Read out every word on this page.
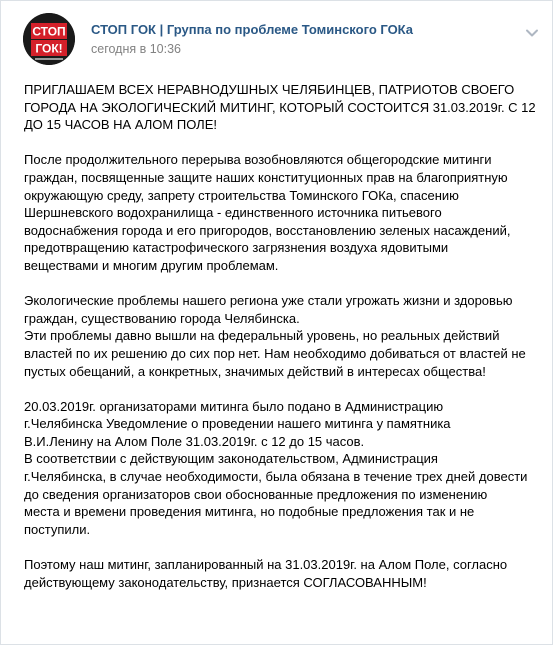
СТОП
ГОК!
СТОП ГОК | Группа по проблеме Томинского ГОКа
сегодня в 10:36
ПРИГЛАШАЕМ ВСЕХ НЕРАВНОДУШНЫХ ЧЕЛЯБИНЦЕВ, ПАТРИОТОВ СВОЕГО
ГОРОДА НА ЭКОЛОГИЧЕСКИЙ МИТИНГ, КОТОРЫЙ СОСТОИТСЯ 31.03.2019г. С 12
ДО 15 ЧАСОВ НА АЛОМ ПОЛЕ!
После продолжительного перерыва возобновляются общегородские митинги
граждан, посвященные защите наших конституционных прав на благоприятную
окружающую среду, запрету строительства Томинского ГОКа, спасению
Шершневского водохранилища - единственного источника питьевого
водоснабжения города и его пригородов, восстановлению зеленых насаждений,
предотвращению катастрофического загрязнения воздуха ядовитыми
веществами и многим другим проблемам.
Экологические проблемы нашего региона уже стали угрожать жизни и здоровью
граждан, существованию города Челябинска.
Эти проблемы давно вышли на федеральный уровень, но реальных действий
властей по их решению до сих пор нет. Нам необходимо добиваться от властей не
пустых обещаний, а конкретных, значимых действий в интересах общества!
20.03.2019г. организаторами митинга было подано в Администрацию
г.Челябинска Уведомление о проведении нашего митинга у памятника
В.И.Ленину на Алом Поле 31.03.2019г. с 12 до 15 часов.
В соответствии с действующим законодательством, Администрация
г.Челябинска, в случае необходимости, была обязана в течение трех дней довести
до сведения организаторов свои обоснованные предложения по изменению
места и времени проведения митинга, но подобные предложения так и не
поступили.
Поэтому наш митинг, запланированный на 31.03.2019г. на Алом Поле, согласно
действующему законодательству, признается СОГЛАСОВАННЫМ!
